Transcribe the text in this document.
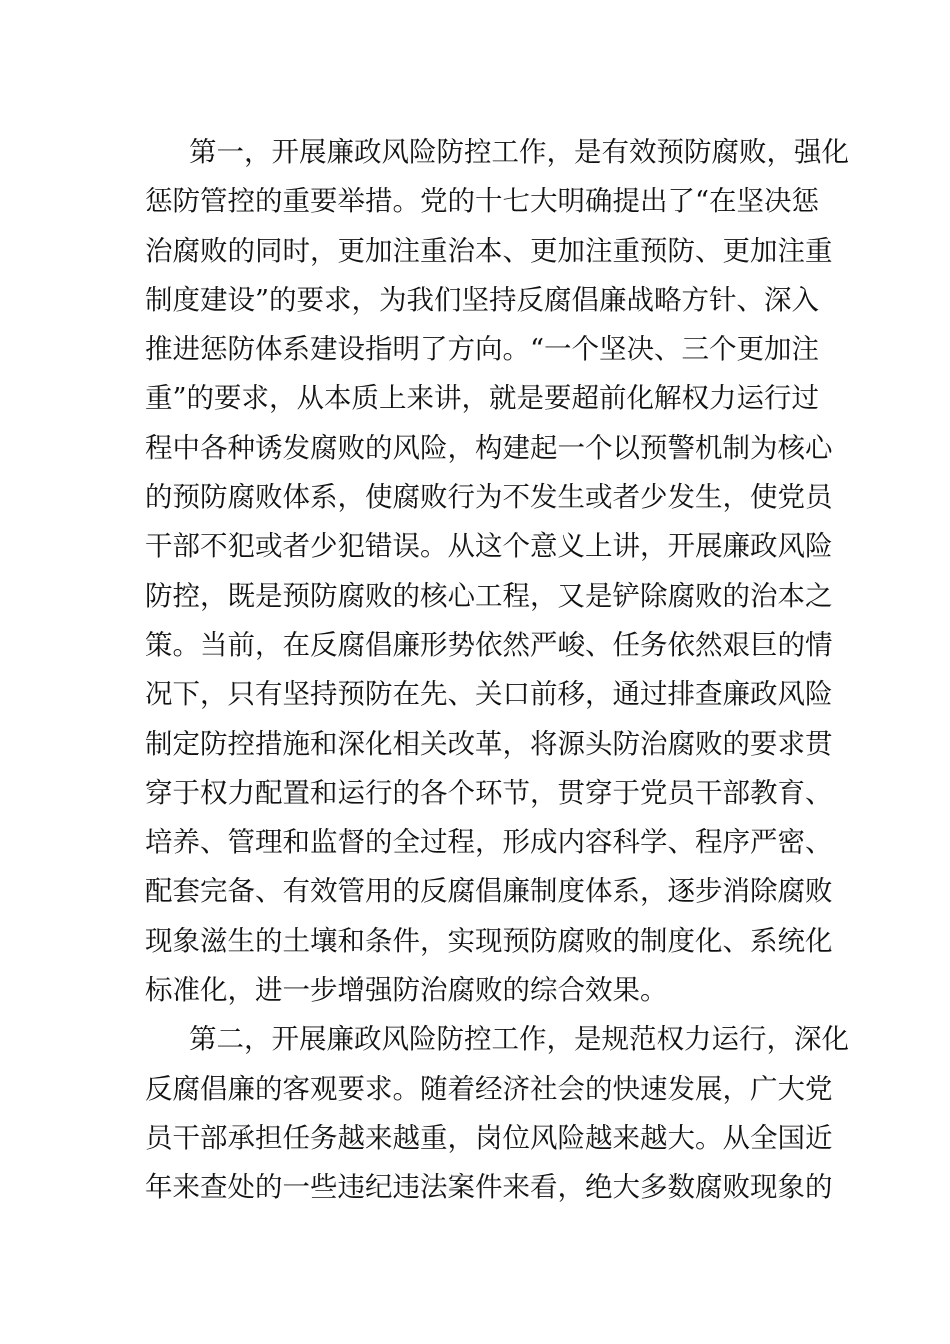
第一，开展廉政风险防控工作，是有效预防腐败，强化
惩防管控的重要举措。党的十七大明确提出了“在坚决惩
治腐败的同时，更加注重治本、更加注重预防、更加注重
制度建设”的要求，为我们坚持反腐倡廉战略方针、深入
推进惩防体系建设指明了方向。“一个坚决、三个更加注
重”的要求，从本质上来讲，就是要超前化解权力运行过
程中各种诱发腐败的风险，构建起一个以预警机制为核心
的预防腐败体系，使腐败行为不发生或者少发生，使党员
干部不犯或者少犯错误。从这个意义上讲，开展廉政风险
防控，既是预防腐败的核心工程，又是铲除腐败的治本之
策。当前，在反腐倡廉形势依然严峻、任务依然艰巨的情
况下，只有坚持预防在先、关口前移，通过排查廉政风险
制定防控措施和深化相关改革，将源头防治腐败的要求贯
穿于权力配置和运行的各个环节，贯穿于党员干部教育、
培养、管理和监督的全过程，形成内容科学、程序严密、
配套完备、有效管用的反腐倡廉制度体系，逐步消除腐败
现象滋生的土壤和条件，实现预防腐败的制度化、系统化
标准化，进一步增强防治腐败的综合效果。
第二，开展廉政风险防控工作，是规范权力运行，深化
反腐倡廉的客观要求。随着经济社会的快速发展，广大党
员干部承担任务越来越重，岗位风险越来越大。从全国近
年来查处的一些违纪违法案件来看，绝大多数腐败现象的
